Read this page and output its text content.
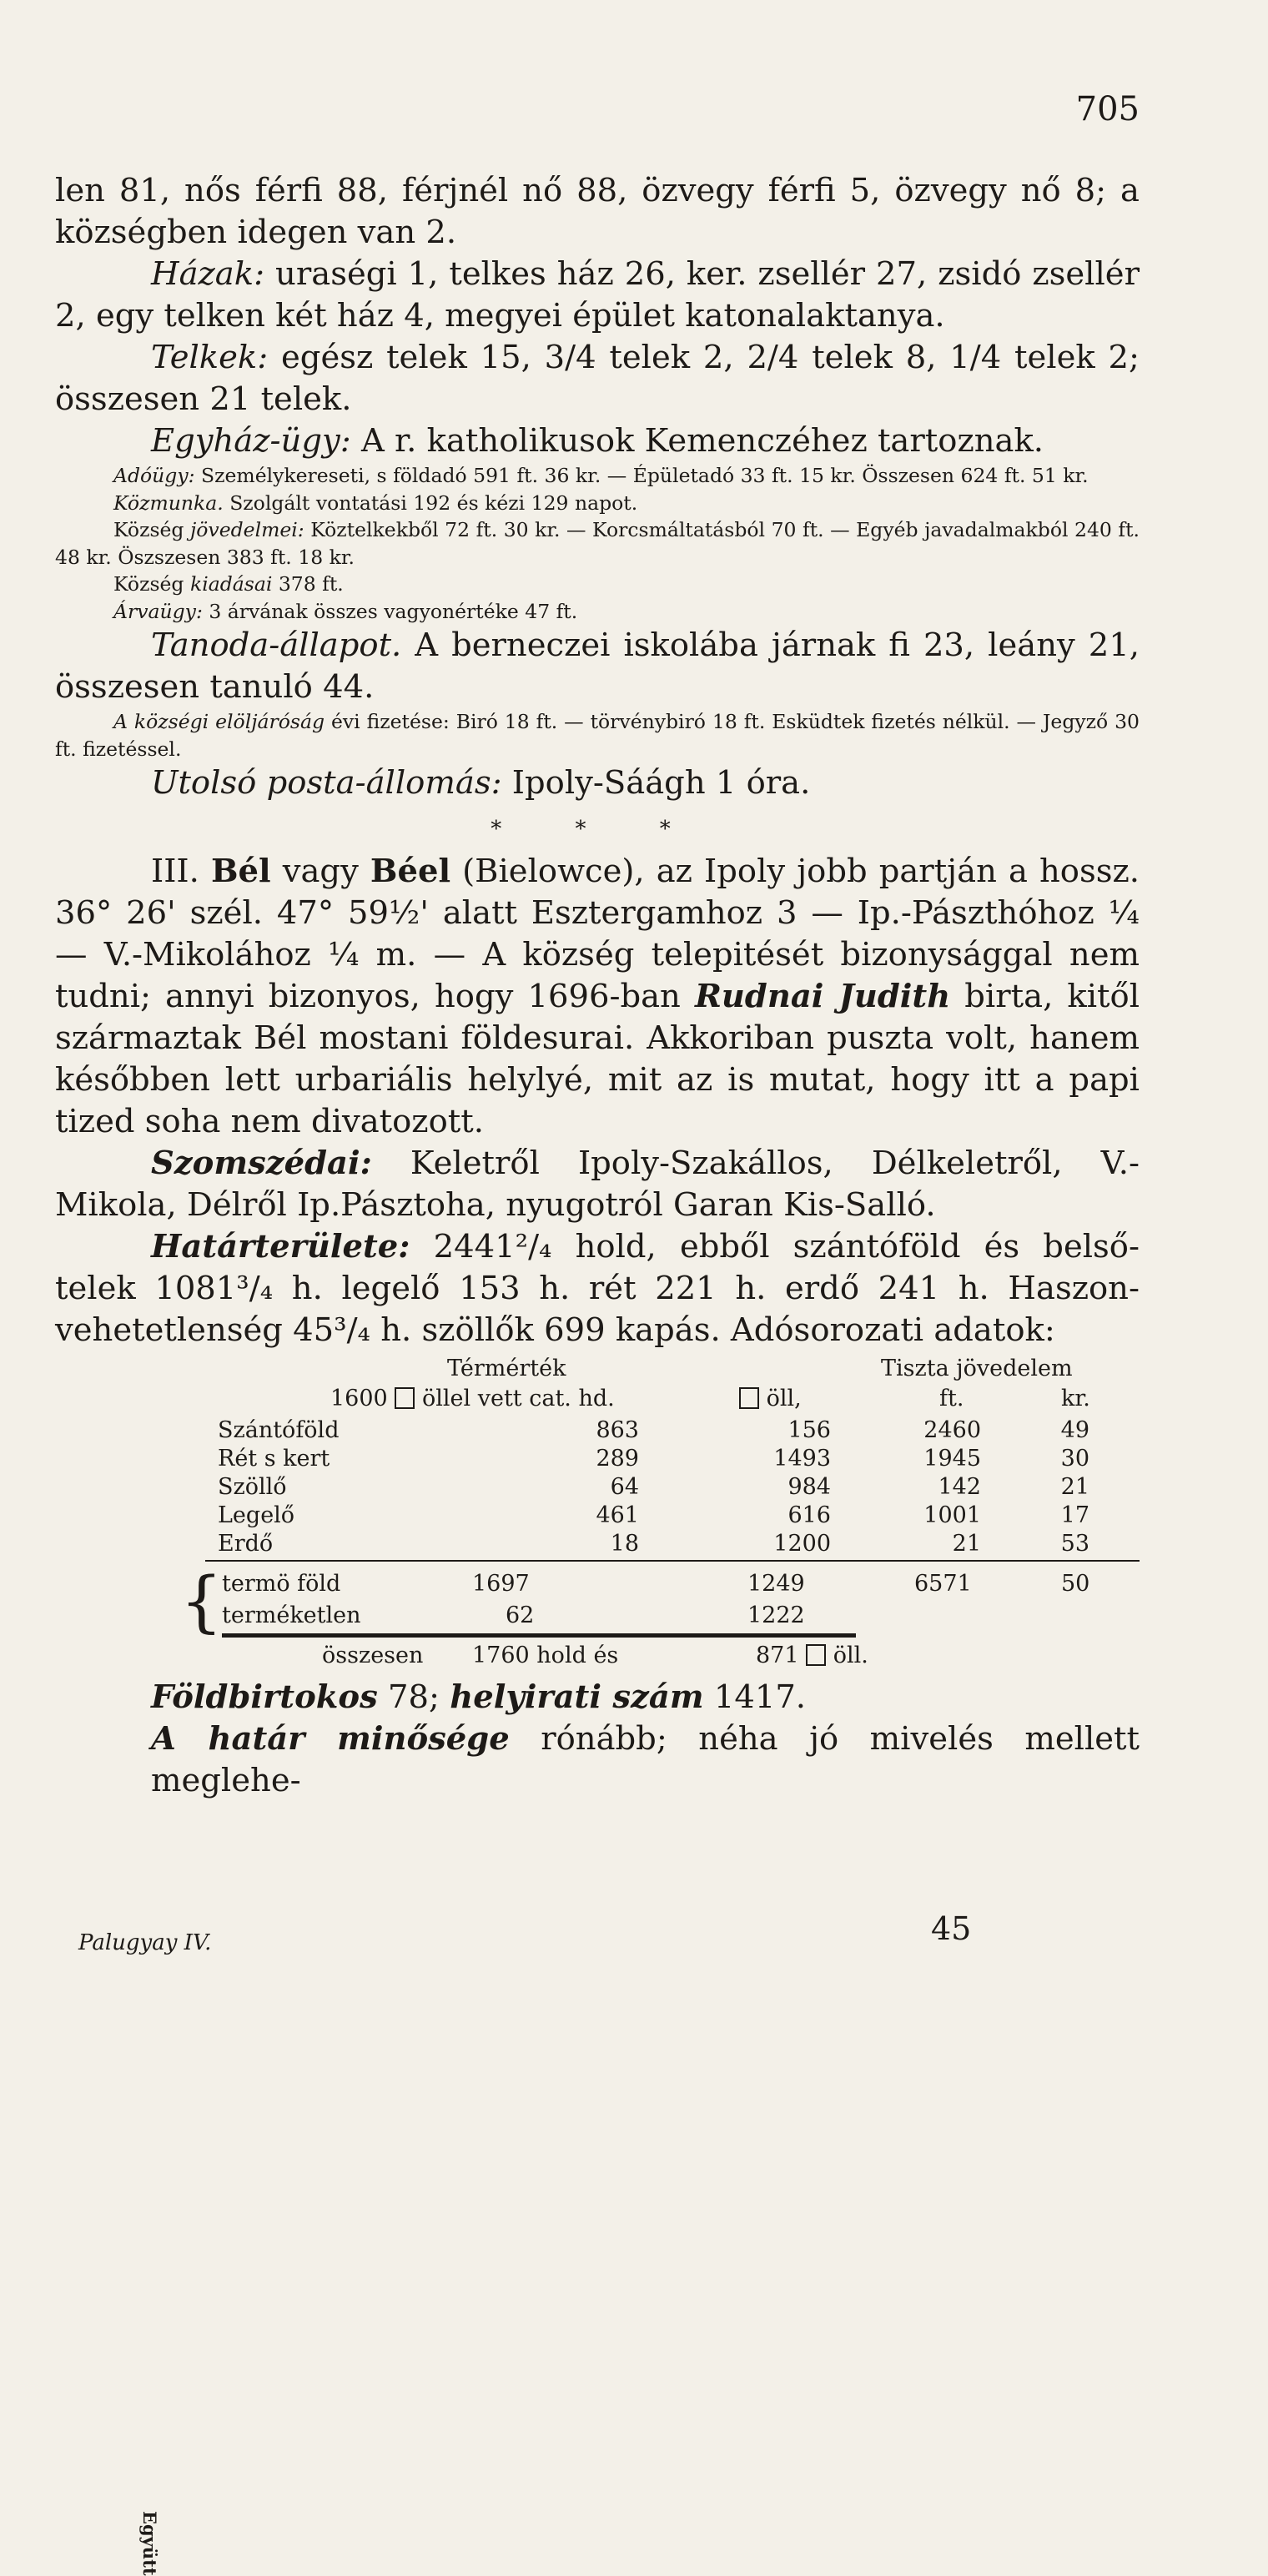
705

len 81, nős férfi 88, férjnél nő 88, özvegy férfi 5, özvegy nő 8; a községben idegen van 2.

Házak: uraségi 1, telkes ház 26, ker. zsellér 27, zsidó zsellér 2, egy telken két ház 4, megyei épület katonalaktanya.

Telkek: egész telek 15, 3/4 telek 2, 2/4 telek 8, 1/4 telek 2; összesen 21 telek.

Egyház-ügy: A r. katholikusok Kemenczéhez tartoznak.

Adóügy: Személykereseti, s földadó 591 ft. 36 kr. — Épületadó 33 ft. 15 kr. Összesen 624 ft. 51 kr.

Közmunka. Szolgált vontatási 192 és kézi 129 napot.

Község jövedelmei: Köztelkekből 72 ft. 30 kr. — Korcsmáltatásból 70 ft. — Egyéb javadalmakból 240 ft. 48 kr. Öszszesen 383 ft. 18 kr.

Község kiadásai 378 ft.

Árvaügy: 3 árvának összes vagyonértéke 47 ft.

Tanoda-állapot. A berneczei iskolába járnak fi 23, leány 21, összesen tanuló 44.

A községi elöljáróság évi fizetése: Biró 18 ft. — törvénybiró 18 ft. Esküdtek fizetés nélkül. — Jegyző 30 ft. fizetéssel.

Utolsó posta-állomás: Ipoly-Sáágh 1 óra.

* * *

III. Bél vagy Béel (Bielowce), az Ipoly jobb partján a hossz. 36° 26' szél. 47° 59½' alatt Esztergamhoz 3 — Ip.-Pászthóhoz ¼ — V.-Mikolához ¼ m. — A község telepitését bizonysággal nem tudni; annyi bizonyos, hogy 1696-ban Rudnai Judith birta, kitől származtak Bél mostani földesurai. Akkoriban puszta volt, hanem későbben lett urbariális helylyé, mit az is mutat, hogy itt a papi tized soha nem divatozott.

Szomszédai: Keletről Ipoly-Szakállos, Délkeletről, V.-Mikola, Délről Ip.Pásztoha, nyugotról Garan Kis-Salló.

Határterülete: 2441²/₄ hold, ebből szántóföld és belső-telek 1081³/₄ h. legelő 153 h. rét 221 h. erdő 241 h. Haszon-vehetetlenség 45³/₄ h. szöllők 699 kapás. Adósorozati adatok:

Térmérték	Tiszta jövedelem
1600	öllel vett cat. hd.	öll,	ft.	kr.
Szántóföld	863	156	2460	49
Rét s kert	289	1493	1945	30
Szöllő	64	984	142	21
Legelő	461	616	1001	17
Erdő	18	1200	21	53
Együtt
{ termö föld	1697	1249	6571	50
terméketlen	62	1222
összesen 1760 hold és	871 öll.

Földbirtokos 78; helyirati szám 1417.

A határ minősége rónább; néha jó mivelés mellett meglehe-

Palugyay IV.	45
